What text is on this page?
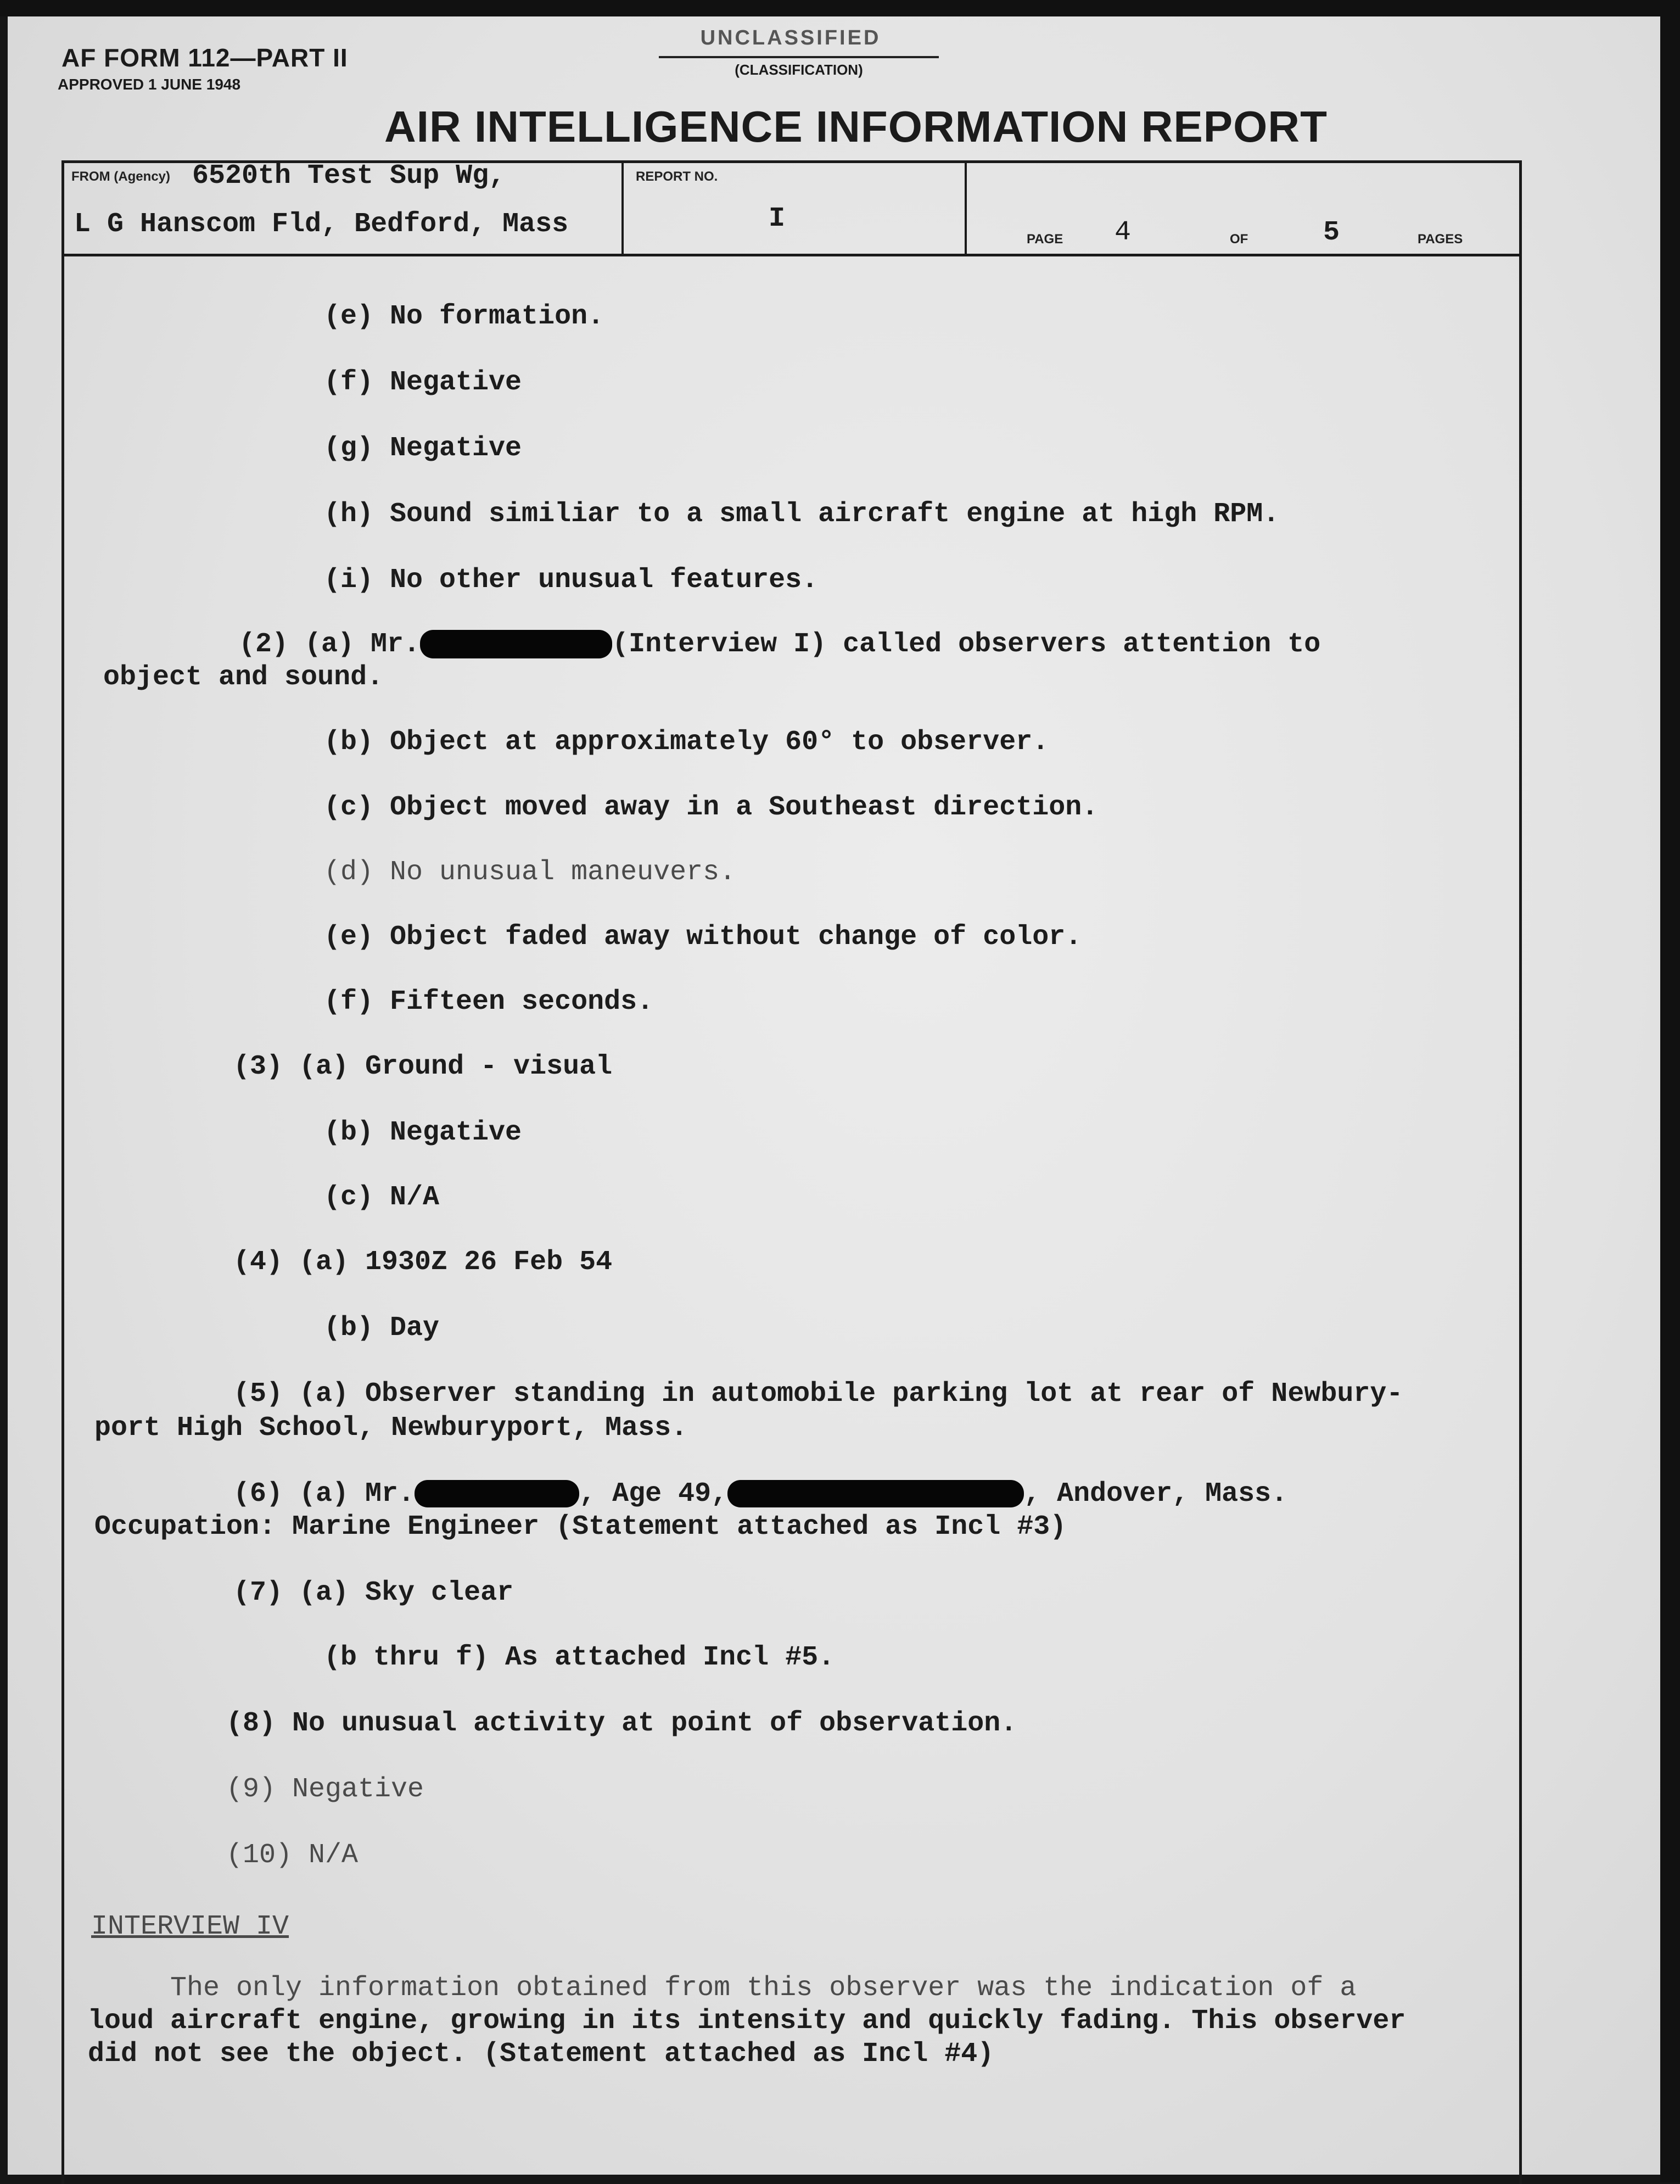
AF FORM 112—PART II
APPROVED 1 JUNE 1948
UNCLASSIFIED
(CLASSIFICATION)
AIR INTELLIGENCE INFORMATION REPORT
FROM (Agency) 6520th Test Sup Wg,
L G Hanscom Fld, Bedford, Mass
REPORT NO.
I
PAGE 4	OF	5	PAGES
(e) No formation.
(f) Negative
(g) Negative
(h) Sound similiar to a small aircraft engine at high RPM.
(i) No other unusual features.
(2) (a) Mr.	(Interview I) called observers attention to
object and sound.
(b) Object at approximately 60° to observer.
(c) Object moved away in a Southeast direction.
(d) No unusual maneuvers.
(e) Object faded away without change of color.
(f) Fifteen seconds.
(3) (a) Ground - visual
(b) Negative
(c) N/A
(4) (a) 1930Z 26 Feb 54
(b) Day
(5) (a) Observer standing in automobile parking lot at rear of Newbury-
port High School, Newburyport, Mass.
(6) (a) Mr.	, Age 49,	, Andover, Mass.
Occupation: Marine Engineer (Statement attached as Incl #3)
(7) (a) Sky clear
(b thru f) As attached Incl #5.
(8) No unusual activity at point of observation.
(9) Negative
(10) N/A
INTERVIEW IV
The only information obtained from this observer was the indication of a
loud aircraft engine, growing in its intensity and quickly fading. This observer
did not see the object. (Statement attached as Incl #4)
